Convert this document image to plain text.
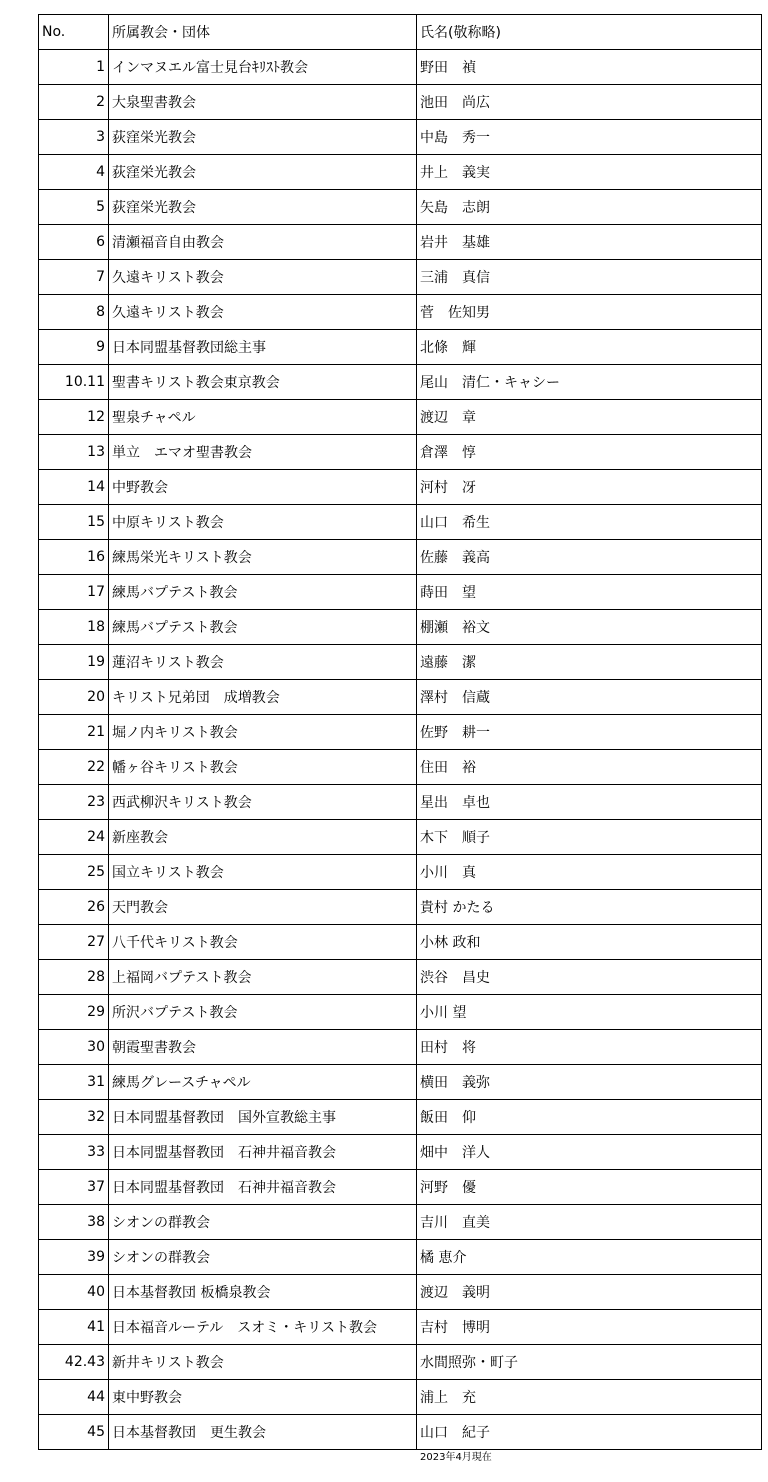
No.	所属教会・団体	氏名(敬称略)
1	インマヌエル富士見台ｷﾘｽﾄ教会	野田　禎
2	大泉聖書教会	池田　尚広
3	荻窪栄光教会	中島　秀一
4	荻窪栄光教会	井上　義実
5	荻窪栄光教会	矢島　志朗
6	清瀬福音自由教会	岩井　基雄
7	久遠キリスト教会	三浦　真信
8	久遠キリスト教会	菅　佐知男
9	日本同盟基督教団総主事	北條　輝
10.11	聖書キリスト教会東京教会	尾山　清仁・キャシー
12	聖泉チャペル	渡辺　章
13	単立　エマオ聖書教会	倉澤　惇
14	中野教会	河村　冴
15	中原キリスト教会	山口　希生
16	練馬栄光キリスト教会	佐藤　義高
17	練馬バプテスト教会	蒔田　望
18	練馬バプテスト教会	棚瀬　裕文
19	蓮沼キリスト教会	遠藤　潔
20	キリスト兄弟団　成増教会	澤村　信蔵
21	堀ノ内キリスト教会	佐野　耕一
22	幡ヶ谷キリスト教会	住田　裕
23	西武柳沢キリスト教会	星出　卓也
24	新座教会	木下　順子
25	国立キリスト教会	小川　真
26	天門教会	貴村 かたる
27	八千代キリスト教会	小林 政和
28	上福岡バプテスト教会	渋谷　昌史
29	所沢バプテスト教会	小川 望
30	朝霞聖書教会	田村　将
31	練馬グレースチャペル	横田　義弥
32	日本同盟基督教団　国外宣教総主事	飯田　仰
33	日本同盟基督教団　石神井福音教会	畑中　洋人
37	日本同盟基督教団　石神井福音教会	河野　優
38	シオンの群教会	吉川　直美
39	シオンの群教会	橘 恵介
40	日本基督教団 板橋泉教会	渡辺　義明
41	日本福音ルーテル　スオミ・キリスト教会	吉村　博明
42.43	新井キリスト教会	水間照弥・町子
44	東中野教会	浦上　充
45	日本基督教団　更生教会	山口　紀子
2023年4月現在
